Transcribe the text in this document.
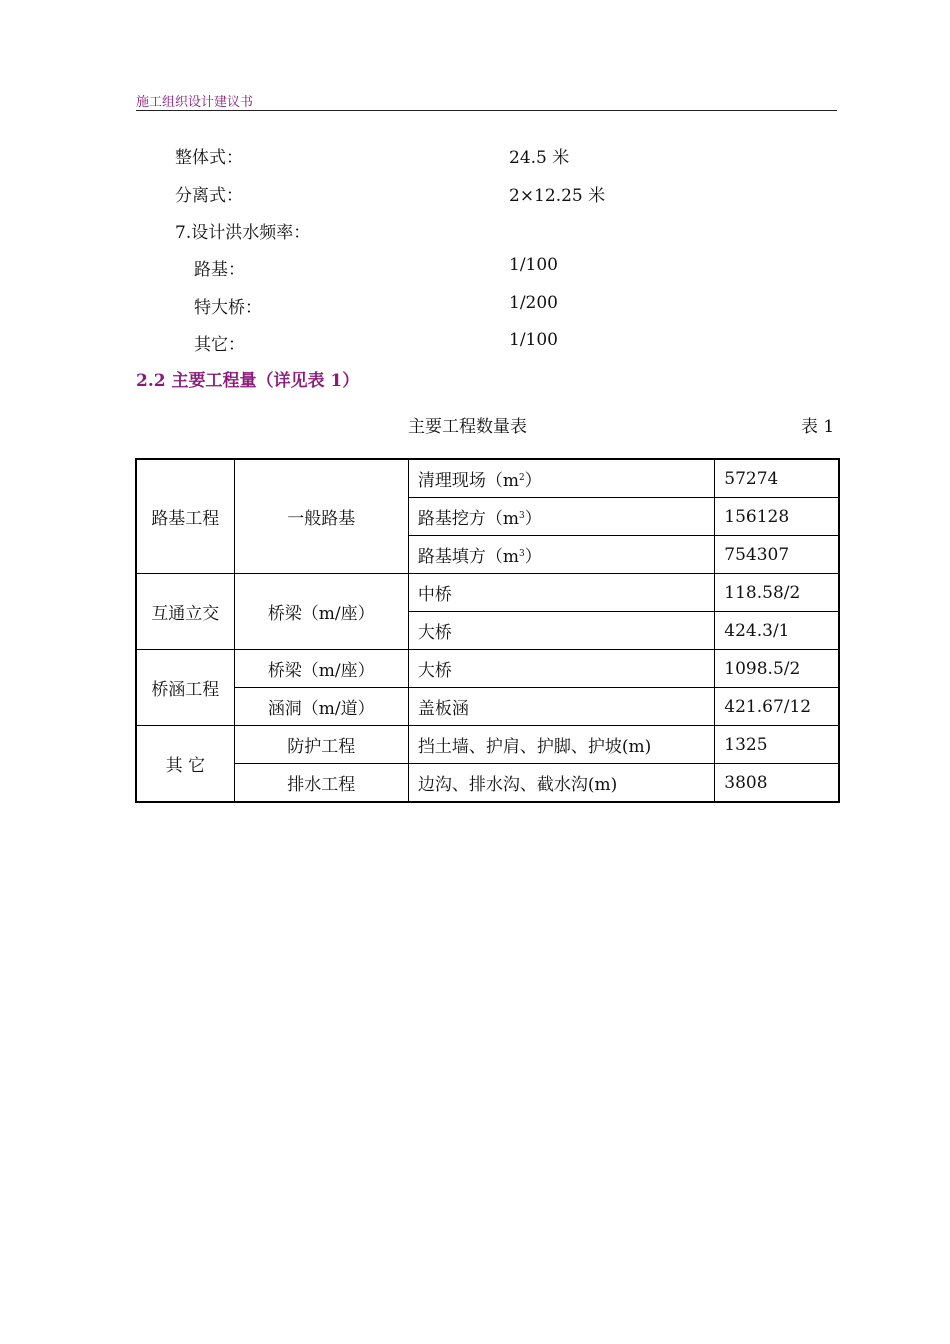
施工组织设计建议书
整体式：	24.5 米
分离式：	2×12.25 米
7.设计洪水频率：
路基：	1/100
特大桥：	1/200
其它：	1/100
2.2 主要工程量（详见表 1）
主要工程数量表	表 1
路基工程	一般路基	清理现场$(m^2)$	57274
		路基挖方$(m^3)$	156128
		路基填方$(m^3)$	754307
互通立交	桥梁（m/座）	中桥	118.58/2
		大桥	424.3/1
桥涵工程	桥梁（m/座）	大桥	1098.5/2
	涵洞（m/道）	盖板涵	421.67/12
其 它	防护工程	挡土墙、护肩、护脚、护坡(m)	1325
	排水工程	边沟、排水沟、截水沟(m)	3808
